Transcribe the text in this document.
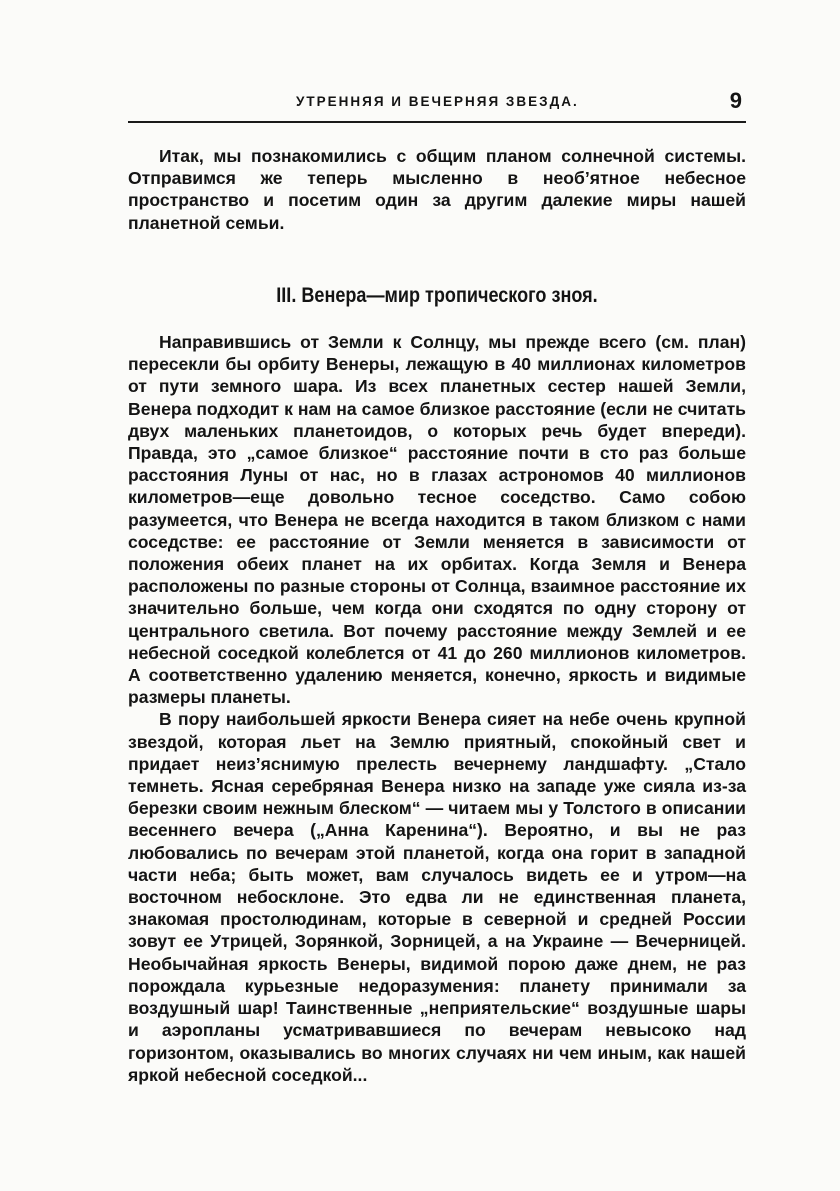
УТРЕННЯЯ И ВЕЧЕРНЯЯ ЗВЕЗДА.	9

Итак, мы познакомились с общим планом солнечной системы. Отправимся же теперь мысленно в необ’ятное небесное пространство и посетим один за другим далекие миры нашей планетной семьи.

III. Венера—мир тропического зноя.

Направившись от Земли к Солнцу, мы прежде всего (см. план) пересекли бы орбиту Венеры, лежащую в 40 миллионах километров от пути земного шара. Из всех планетных сестер нашей Земли, Венера подходит к нам на самое близкое расстояние (если не считать двух маленьких планетоидов, о которых речь будет впереди). Правда, это „самое близкое“ расстояние почти в сто раз больше расстояния Луны от нас, но в глазах астрономов 40 миллионов километров—еще довольно тесное соседство. Само собою разумеется, что Венера не всегда находится в таком близком с нами соседстве: ее расстояние от Земли меняется в зависимости от положения обеих планет на их орбитах. Когда Земля и Венера расположены по разные стороны от Солнца, взаимное расстояние их значительно больше, чем когда они сходятся по одну сторону от центрального светила. Вот почему расстояние между Землей и ее небесной соседкой колеблется от 41 до 260 миллионов километров. А соответственно удалению меняется, конечно, яркость и видимые размеры планеты.

В пору наибольшей яркости Венера сияет на небе очень крупной звездой, которая льет на Землю приятный, спокойный свет и придает неиз’яснимую прелесть вечернему ландшафту. „Стало темнеть. Ясная серебряная Венера низко на западе уже сияла из-за березки своим нежным блеском“ — читаем мы у Толстого в описании весеннего вечера („Анна Каренина“). Вероятно, и вы не раз любовались по вечерам этой планетой, когда она горит в западной части неба; быть может, вам случалось видеть ее и утром—на восточном небосклоне. Это едва ли не единственная планета, знакомая простолюдинам, которые в северной и средней России зовут ее Утрицей, Зорянкой, Зорницей, а на Украине — Вечерницей. Необычайная яркость Венеры, видимой порою даже днем, не раз порождала курьезные недоразумения: планету принимали за воздушный шар! Таинственные „неприятельские“ воздушные шары и аэропланы усматривавшиеся по вечерам невысоко над горизонтом, оказывались во многих случаях ни чем иным, как нашей яркой небесной соседкой...
